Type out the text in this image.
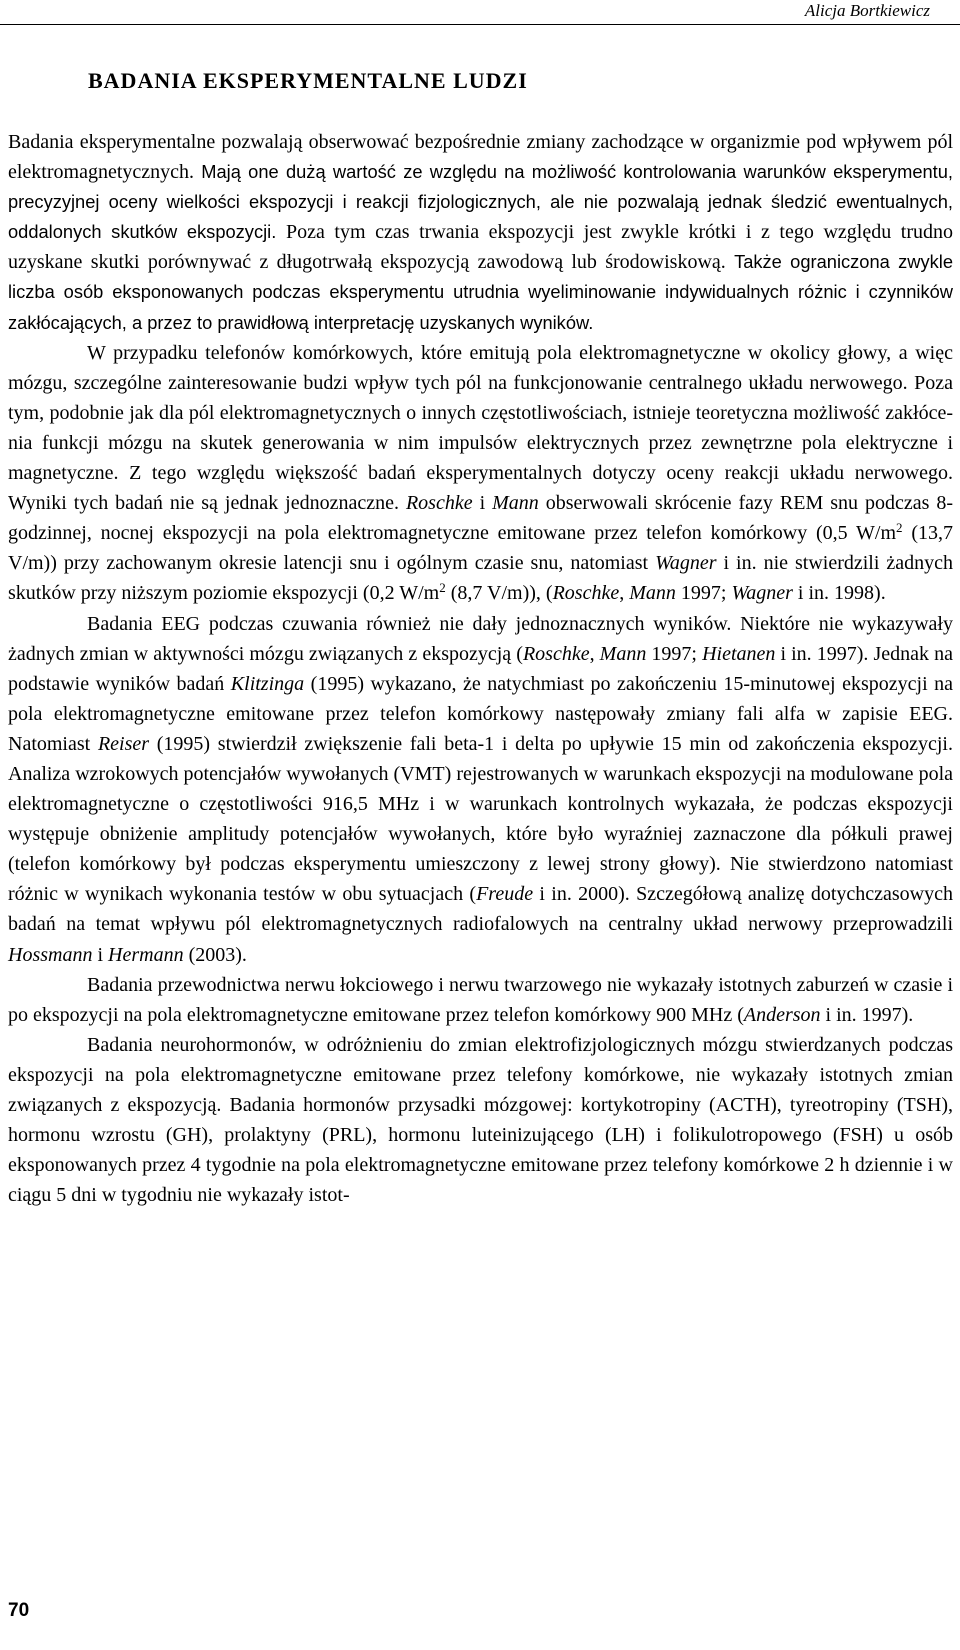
Alicja Bortkiewicz
BADANIA EKSPERYMENTALNE LUDZI

Badania eksperymentalne pozwalają obserwować bezpośrednie zmiany zachodzące w organizmie pod wpływem pól elektromagnetycznych. Mają one dużą wartość ze względu na możliwość kontrolowania warunków eksperymentu, precyzyjnej oceny wielkości ekspozycji i reakcji fizjologicznych, ale nie pozwalają jednak śledzić ewentualnych, oddalonych skutków ekspozycji. Poza tym czas trwania ekspozycji jest zwykle krótki i z tego względu trudno uzyskane skutki porównywać z długotrwałą ekspozycją zawodową lub środowiskową. Także ograniczona zwykle liczba osób eksponowanych podczas eksperymentu utrudnia wyeliminowanie indywidualnych różnic i czynników zakłócających, a przez to prawidłową interpretację uzyskanych wyników.

W przypadku telefonów komórkowych, które emitują pola elektromagnetyczne w okolicy głowy, a więc mózgu, szczególne zainteresowanie budzi wpływ tych pól na funkcjonowanie centralnego układu nerwowego. Poza tym, podobnie jak dla pól elektromagnetycznych o innych częstotliwościach, istnieje teoretyczna możliwość zakłócenia funkcji mózgu na skutek generowania w nim impulsów elektrycznych przez zewnętrzne pola elektryczne i magnetyczne. Z tego względu większość badań eksperymentalnych dotyczy oceny reakcji układu nerwowego. Wyniki tych badań nie są jednak jednoznaczne. Roschke i Mann obserwowali skrócenie fazy REM snu podczas 8-godzinnej, nocnej ekspozycji na pola elektromagnetyczne emitowane przez telefon komórkowy (0,5 $W/m^2$ (13,7 V/m)) przy zachowanym okresie latencji snu i ogólnym czasie snu, natomiast Wagner i in. nie stwierdzili żadnych skutków przy niższym poziomie ekspozycji (0,2 $W/m^2$ (8,7 V/m)), (Roschke, Mann 1997; Wagner i in. 1998).

Badania EEG podczas czuwania również nie dały jednoznacznych wyników. Niektóre nie wykazywały żadnych zmian w aktywności mózgu związanych z ekspozycją (Roschke, Mann 1997; Hietanen i in. 1997). Jednak na podstawie wyników badań Klitzinga (1995) wykazano, że natychmiast po zakończeniu 15-minutowej ekspozycji na pola elektromagnetyczne emitowane przez telefon komórkowy następowały zmiany fali alfa w zapisie EEG. Natomiast Reiser (1995) stwierdził zwiększenie fali beta-1 i delta po upływie 15 min od zakończenia ekspozycji. Analiza wzrokowych potencjałów wywołanych (VMT) rejestrowanych w warunkach ekspozycji na modulowane pola elektromagnetyczne o częstotliwości 916,5 MHz i w warunkach kontrolnych wykazała, że podczas ekspozycji występuje obniżenie amplitudy potencjałów wywołanych, które było wyraźniej zaznaczone dla półkuli prawej (telefon komórkowy był podczas eksperymentu umieszczony z lewej strony głowy). Nie stwierdzono natomiast różnic w wynikach wykonania testów w obu sytuacjach (Freude i in. 2000). Szczegółową analizę dotychczasowych badań na temat wpływu pól elektromagnetycznych radiofalowych na centralny układ nerwowy przeprowadzili Hossmann i Hermann (2003).

Badania przewodnictwa nerwu łokciowego i nerwu twarzowego nie wykazały istotnych zaburzeń w czasie i po ekspozycji na pola elektromagnetyczne emitowane przez telefon komórkowy 900 MHz (Anderson i in. 1997).

Badania neurohormonów, w odróżnieniu do zmian elektrofizjologicznych mózgu stwierdzanych podczas ekspozycji na pola elektromagnetyczne emitowane przez telefony komórkowe, nie wykazały istotnych zmian związanych z ekspozycją. Badania hormonów przysadki mózgowej: kortykotropiny (ACTH), tyreotropiny (TSH), hormonu wzrostu (GH), prolaktyny (PRL), hormonu luteinizującego (LH) i folikulotropowego (FSH) u osób eksponowanych przez 4 tygodnie na pola elektromagnetyczne emitowane przez telefony komórkowe 2 h dziennie i w ciągu 5 dni w tygodniu nie wykazały istot-

70
